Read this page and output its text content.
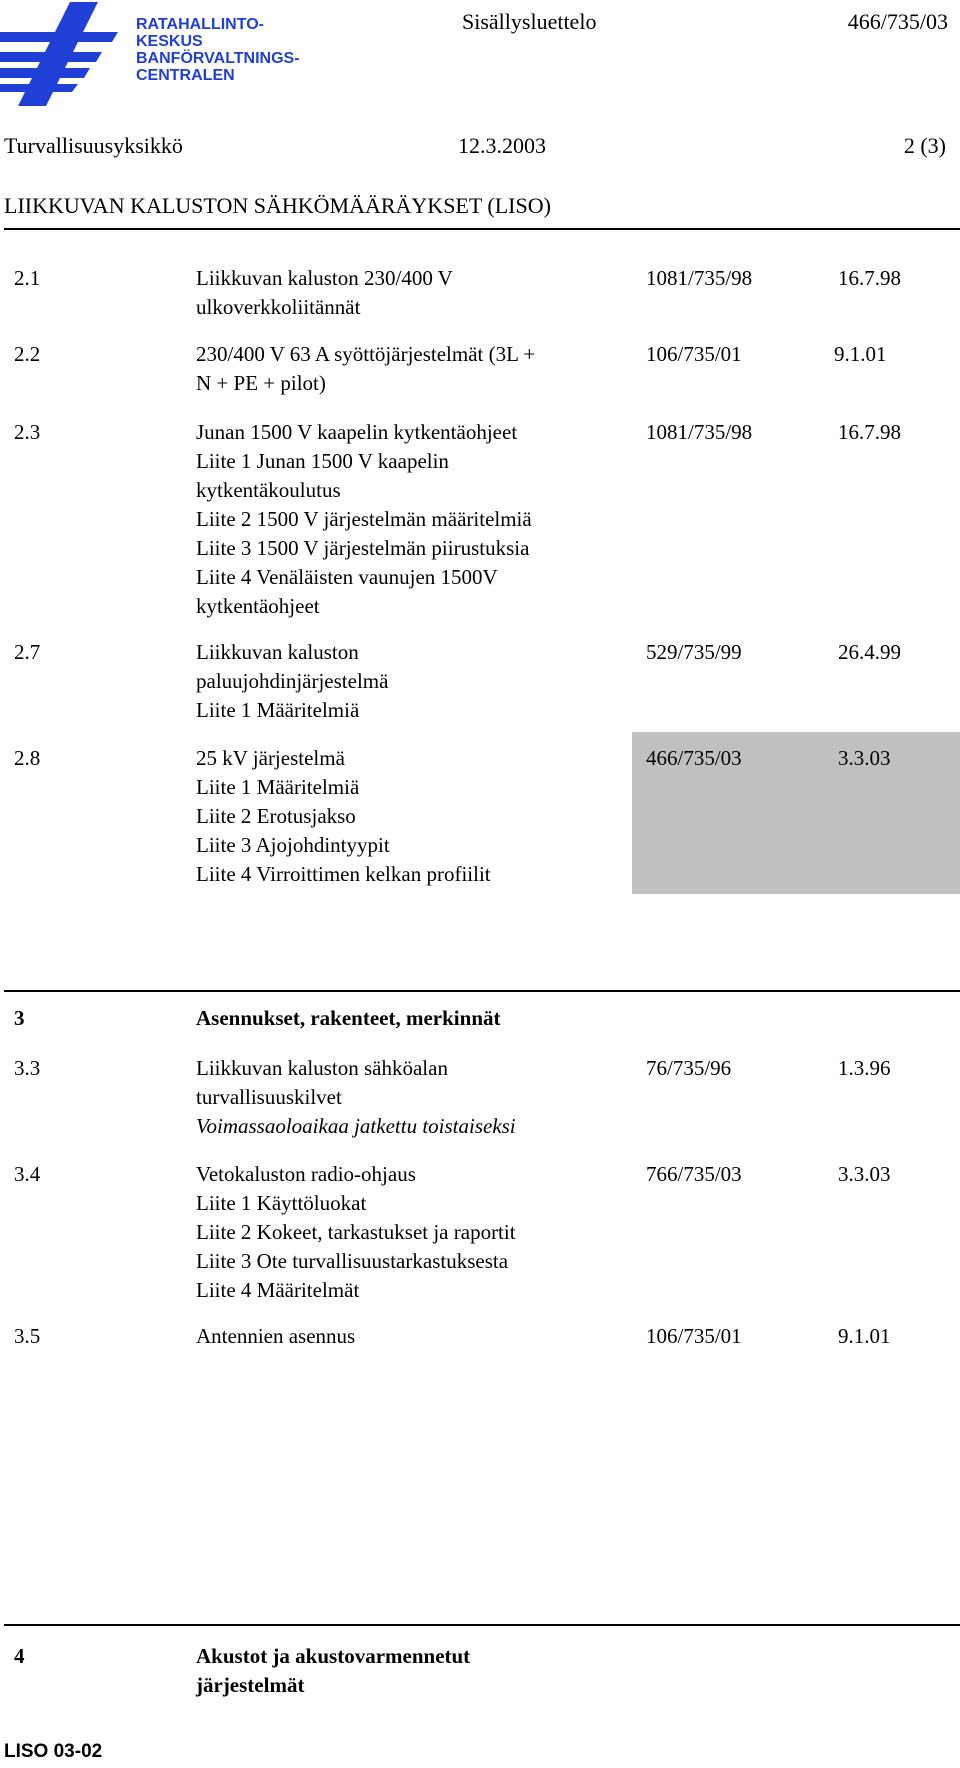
RATAHALLINTO-
KESKUS
BANFÖRVALTNINGS-
CENTRALEN
Sisällysluettelo	466/735/03
Turvallisuusyksikkö	12.3.2003	2 (3)
LIIKKUVAN KALUSTON SÄHKÖMÄÄRÄYKSET (LISO)
2.1	Liikkuvan kaluston 230/400 V
ulkoverkkoliitännät
1081/735/98	16.7.98
2.2	230/400 V 63 A syöttöjärjestelmät (3L +
N + PE + pilot)
106/735/01	9.1.01
2.3	Junan 1500 V kaapelin kytkentäohjeet
Liite 1 Junan 1500 V kaapelin
kytkentäkoulutus
Liite 2 1500 V järjestelmän määritelmiä
Liite 3 1500 V järjestelmän piirustuksia
Liite 4 Venäläisten vaunujen 1500V
kytkentäohjeet
1081/735/98	16.7.98
2.7	Liikkuvan kaluston
paluujohdinjärjestelmä
Liite 1 Määritelmiä
529/735/99	26.4.99
2.8	25 kV järjestelmä
Liite 1 Määritelmiä
Liite 2 Erotusjakso
Liite 3 Ajojohdintyypit
Liite 4 Virroittimen kelkan profiilit
466/735/03	3.3.03
3	Asennukset, rakenteet, merkinnät
3.3	Liikkuvan kaluston sähköalan
turvallisuuskilvet
Voimassaoloaikaa jatkettu toistaiseksi
76/735/96	1.3.96
3.4	Vetokaluston radio-ohjaus
Liite 1 Käyttöluokat
Liite 2 Kokeet, tarkastukset ja raportit
Liite 3 Ote turvallisuustarkastuksesta
Liite 4 Määritelmät
766/735/03	3.3.03
3.5	Antennien asennus	106/735/01	9.1.01
4	Akustot ja akustovarmennetut
järjestelmät
LISO 03-02
